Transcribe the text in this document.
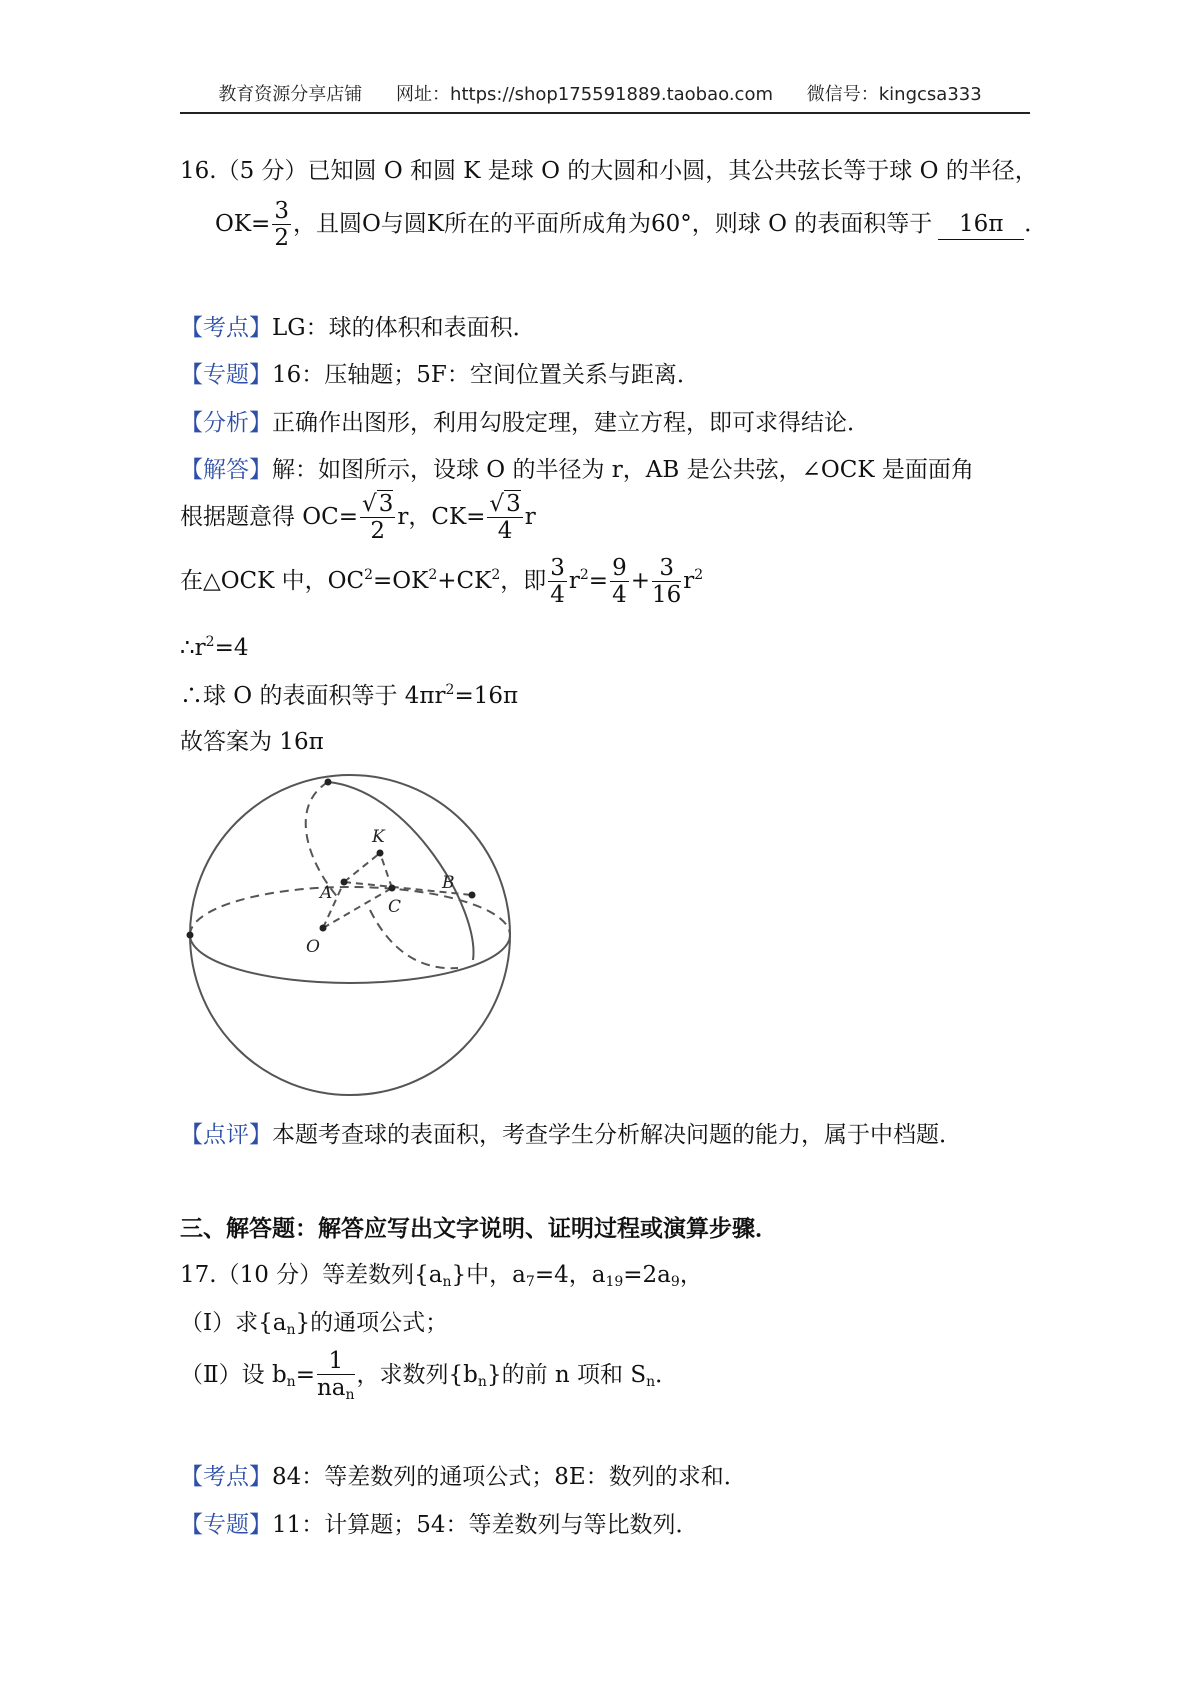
教育资源分享店铺 网址：https://shop175591889.taobao.com 微信号：kingcsa333
16.（5 分）已知圆 O 和圆 K 是球 O 的大圆和小圆，其公共弦长等于球 O 的半径，
$OK= \frac{3}{2}$ ，且圆O与圆K所在的平面所成角为60°，则球 O 的表面积等于 16π ．
【考点】LG：球的体积和表面积．
【专题】16：压轴题；5F：空间位置关系与距离．
【分析】正确作出图形，利用勾股定理，建立方程，即可求得结论．
【解答】解：如图所示，设球 O 的半径为 r，AB 是公共弦，∠OCK 是面面角
根据题意得 $OC= \frac{√3}{2}$ r，$CK= \frac{√3}{4}$ r
在△OCK 中，$OC^2=OK^2+CK^2$，即 $\frac{3}{4} r^2= \frac{9}{4} + \frac{3}{16} r^2$
$\therefore r^2=4$
∴球 O 的表面积等于 $4\pi r^2=16\pi$
故答案为 16π
K
A	B
C
O
【点评】本题考查球的表面积，考查学生分析解决问题的能力，属于中档题．
三、解答题：解答应写出文字说明、证明过程或演算步骤．
17.（10 分）等差数列$\{a_n\}$中，$a_7=4$，$a_{19}=2a_9$，
（Ⅰ）求$\{a_n\}$的通项公式；
（Ⅱ）设 $b_n= \frac{1}{na_n}$ ，求数列$\{b_n\}$的前 n 项和 $S_n$．
【考点】84：等差数列的通项公式；8E：数列的求和．
【专题】11：计算题；54：等差数列与等比数列．
